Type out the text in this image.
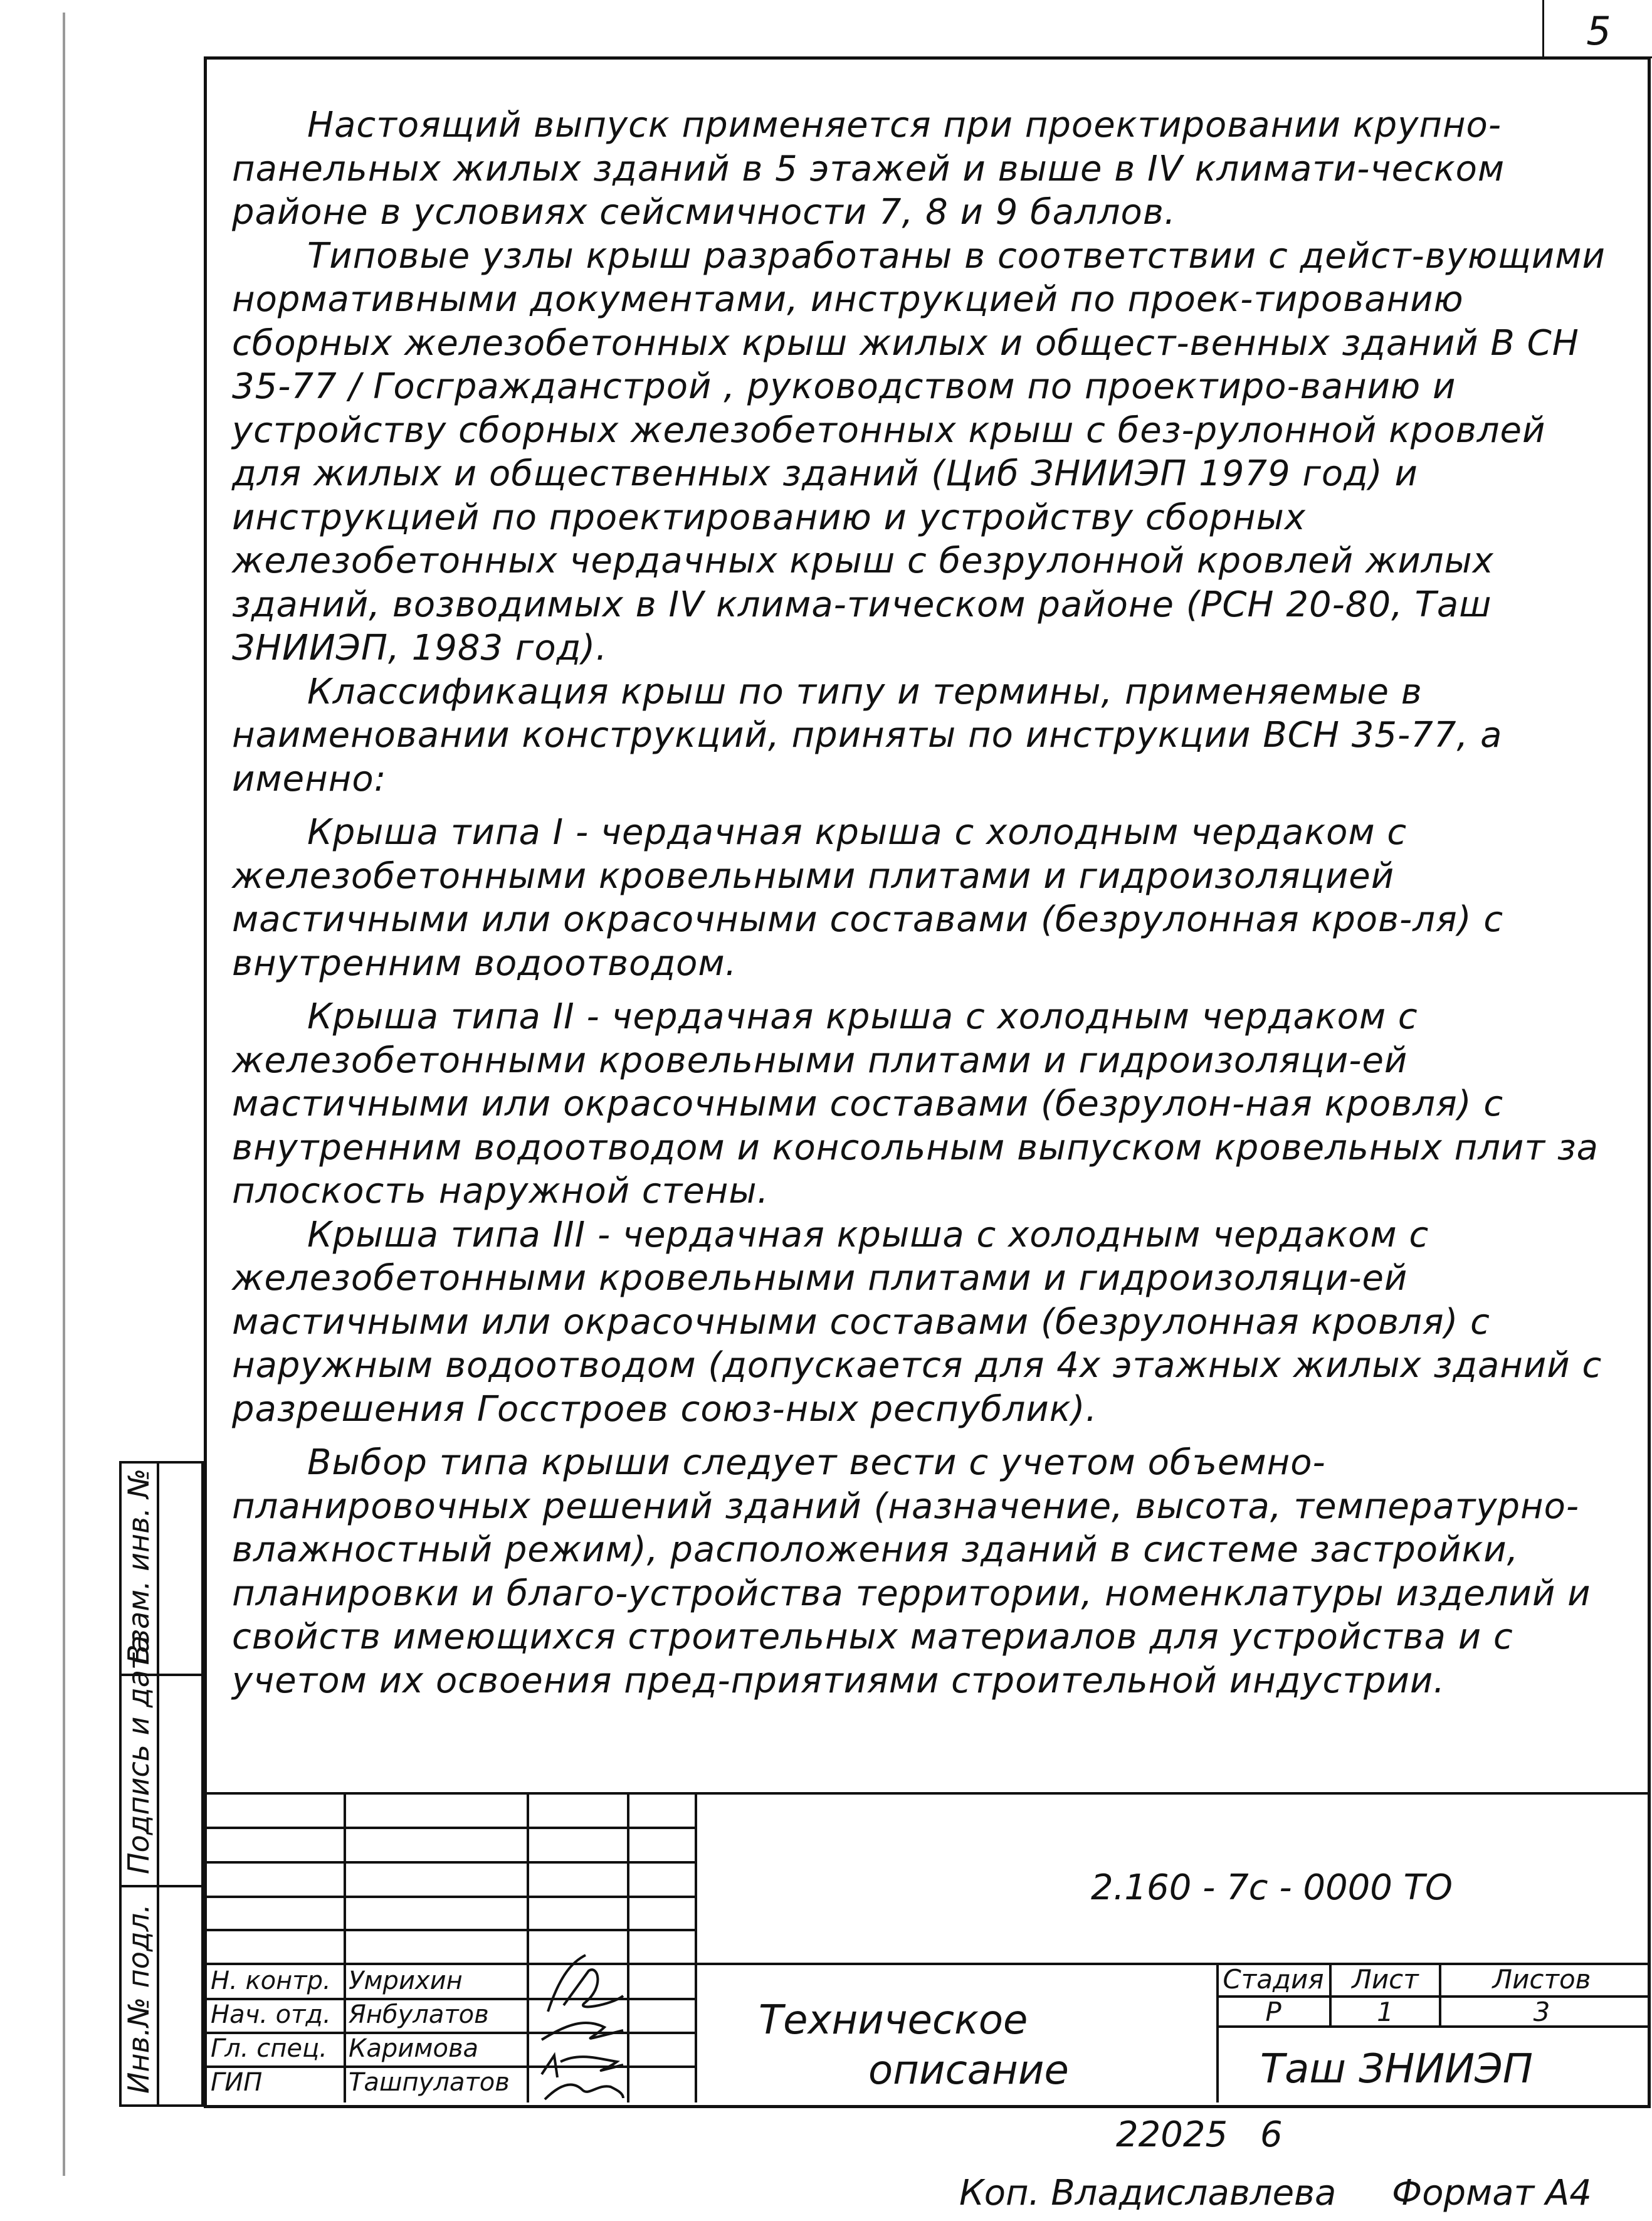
5

Настоящий выпуск применяется при проектировании крупно-панельных жилых зданий в 5 этажей и выше в IV климати-ческом районе в условиях сейсмичности 7, 8 и 9 баллов.

Типовые узлы крыш разработаны в соответствии с дейст-вующими нормативными документами, инструкцией по проек-тированию сборных железобетонных крыш жилых и общест-венных зданий В СН 35-77 / Госгражданстрой , руководством по проектиро-ванию и устройству сборных железобетонных крыш с без-рулонной кровлей для жилых и общественных зданий (Циб ЗНИИЭП 1979 год) и инструкцией по проектированию и устройству сборных железобетонных чердачных крыш с безрулонной кровлей жилых зданий, возводимых в IV клима-тическом районе (РСН 20-80, Таш ЗНИИЭП, 1983 год).

Классификация крыш по типу и термины, применяемые в наименовании конструкций, приняты по инструкции ВСН 35-77, а именно:

Крыша типа I - чердачная крыша с холодным чердаком с железобетонными кровельными плитами и гидроизоляцией мастичными или окрасочными составами (безрулонная кров-ля) с внутренним водоотводом.

Крыша типа II - чердачная крыша с холодным чердаком с железобетонными кровельными плитами и гидроизоляци-ей мастичными или окрасочными составами (безрулон-ная кровля) с внутренним водоотводом и консольным выпуском кровельных плит за плоскость наружной стены.

Крыша типа III - чердачная крыша с холодным чердаком с железобетонными кровельными плитами и гидроизоляци-ей мастичными или окрасочными составами (безрулонная кровля) с наружным водоотводом (допускается для 4х этажных жилых зданий с разрешения Госстроев союз-ных республик).

Выбор типа крыши следует вести с учетом объемно-планировочных решений зданий (назначение, высота, температурно-влажностный режим), расположения зданий в системе застройки, планировки и благо-устройства территории, номенклатуры изделий и свойств имеющихся строительных материалов для устройства и с учетом их освоения пред-приятиями строительной индустрии.

Инв.№ подл.
Подпись и дата
Взам. инв. №
2.160 - 7c - 0000 ТО
Техническое
описание
Стадия	Лист	Листов
Р	1	3
Таш ЗНИИЭП
Н. контр. Умрихин
Нач. отд. Янбулатов
Гл. спец. Каримова
ГИП	Ташпулатов
22025 6
Коп. Владиславлева Формат А4
